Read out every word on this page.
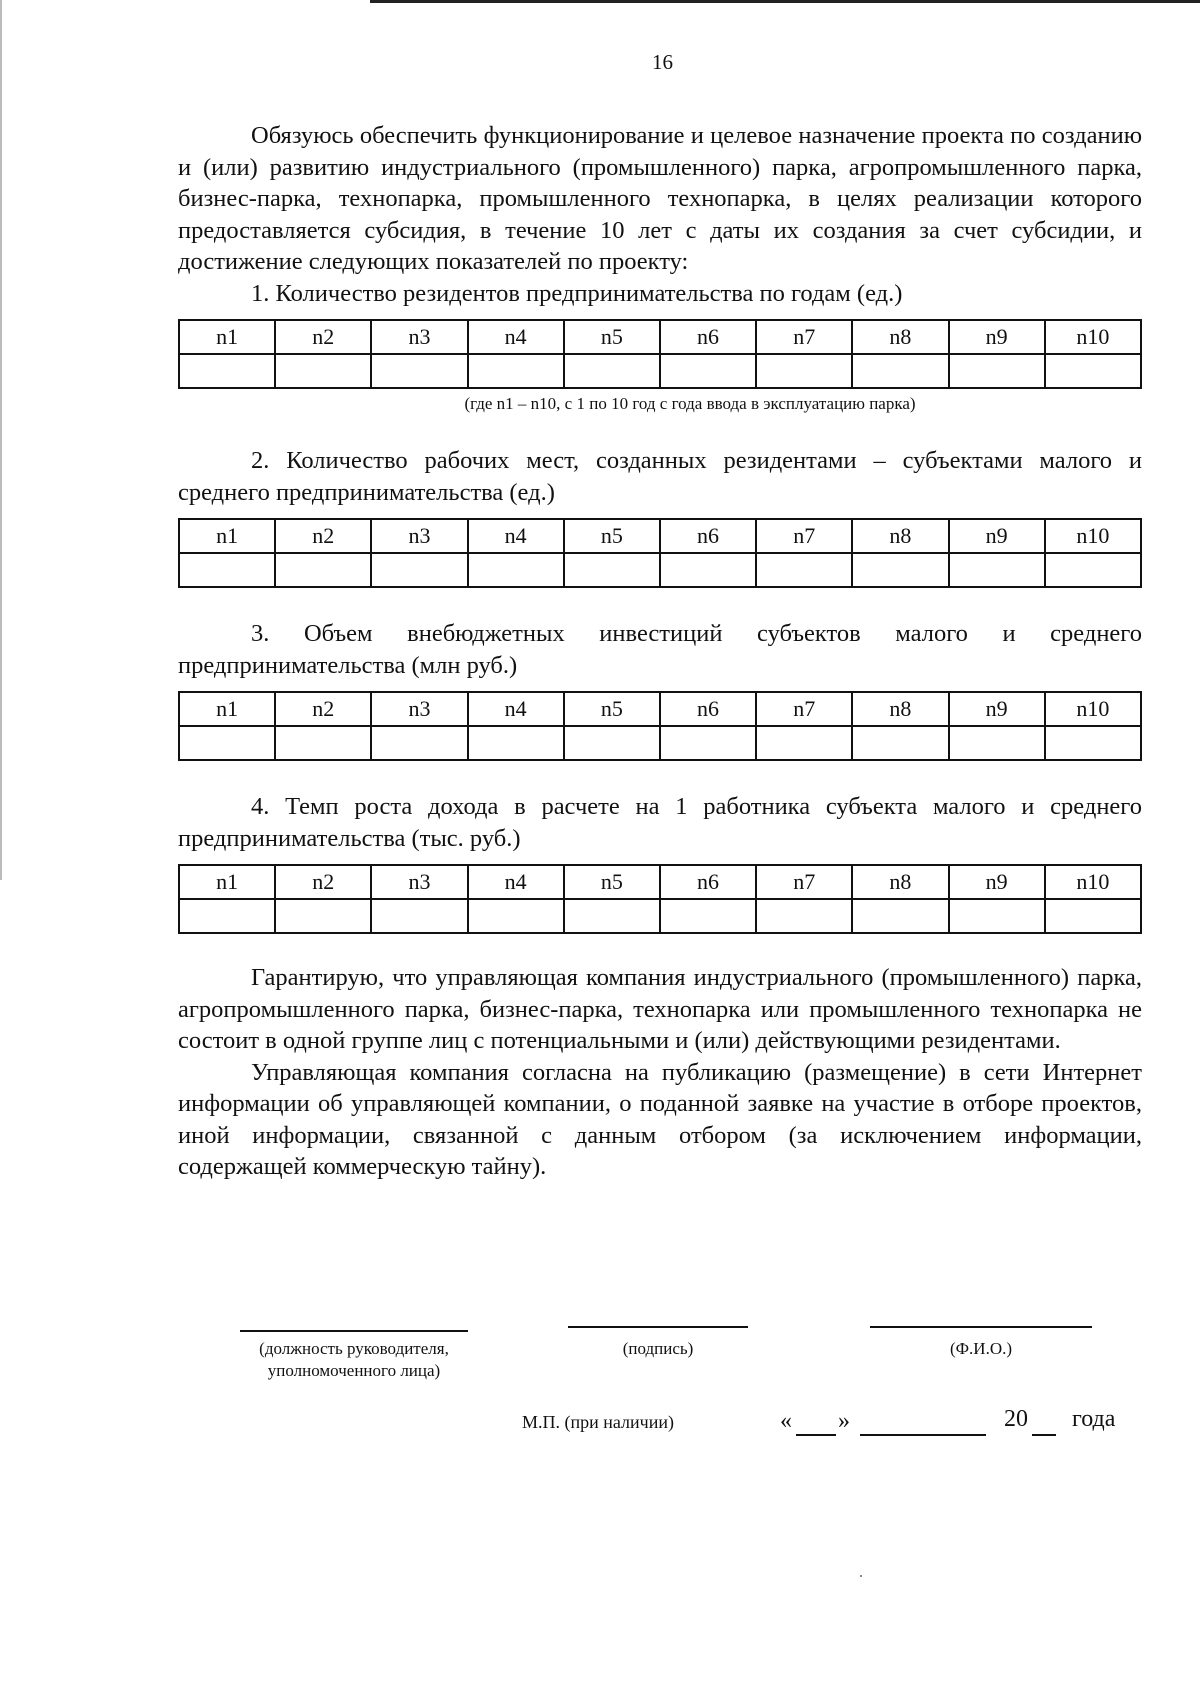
16

Обязуюсь обеспечить функционирование и целевое назначение проекта по созданию и (или) развитию индустриального (промышленного) парка, агропромышленного парка, бизнес-парка, технопарка, промышленного технопарка, в целях реализации которого предоставляется субсидия, в течение 10 лет с даты их создания за счет субсидии, и достижение следующих показателей по проекту:

1. Количество резидентов предпринимательства по годам (ед.)

n1	n2	n3	n4	n5	n6	n7	n8	n9	n10

(где n1 – n10, с 1 по 10 год с года ввода в эксплуатацию парка)

2. Количество рабочих мест, созданных резидентами – субъектами малого и среднего предпринимательства (ед.)

n1	n2	n3	n4	n5	n6	n7	n8	n9	n10

3. Объем внебюджетных инвестиций субъектов малого и среднего предпринимательства (млн руб.)

n1	n2	n3	n4	n5	n6	n7	n8	n9	n10

4. Темп роста дохода в расчете на 1 работника субъекта малого и среднего предпринимательства (тыс. руб.)

n1	n2	n3	n4	n5	n6	n7	n8	n9	n10

Гарантирую, что управляющая компания индустриального (промышленного) парка, агропромышленного парка, бизнес-парка, технопарка или промышленного технопарка не состоит в одной группе лиц с потенциальными и (или) действующими резидентами.

Управляющая компания согласна на публикацию (размещение) в сети Интернет информации об управляющей компании, о поданной заявке на участие в отборе проектов, иной информации, связанной с данным отбором (за исключением информации, содержащей коммерческую тайну).

(должность руководителя,
уполномоченного лица)
(подпись)	(Ф.И.О.)
М.П. (при наличии)	« »	20 года
